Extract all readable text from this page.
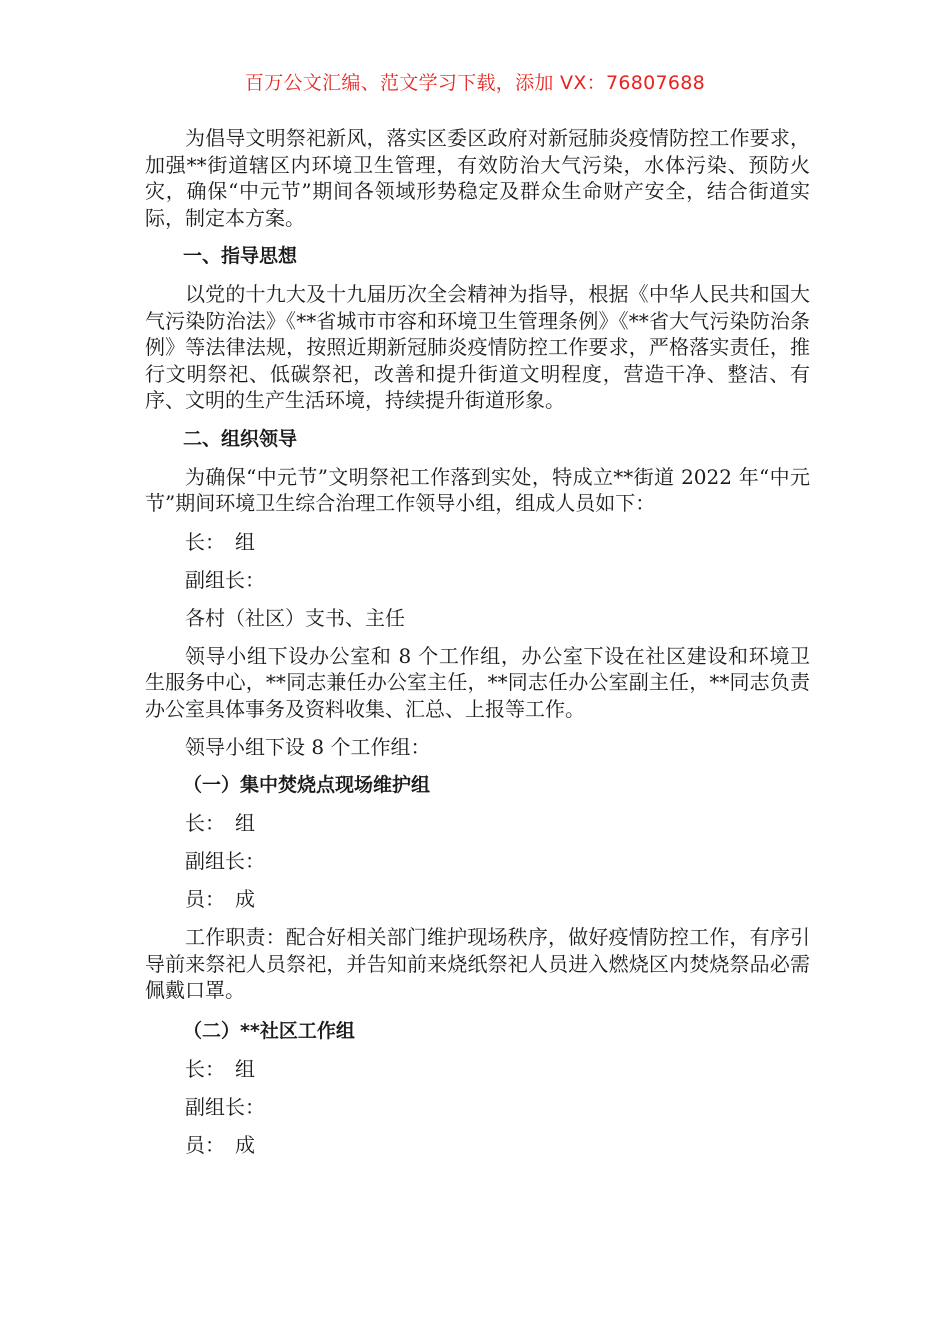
百万公文汇编、范文学习下载，添加 VX：76807688

为倡导文明祭祀新风，落实区委区政府对新冠肺炎疫情防控工作要求，加强**街道辖区内环境卫生管理，有效防治大气污染，水体污染、预防火灾，确保“中元节”期间各领域形势稳定及群众生命财产安全，结合街道实际，制定本方案。

一、指导思想

以党的十九大及十九届历次全会精神为指导，根据《中华人民共和国大气污染防治法》《**省城市市容和环境卫生管理条例》《**省大气污染防治条例》等法律法规，按照近期新冠肺炎疫情防控工作要求，严格落实责任，推行文明祭祀、低碳祭祀，改善和提升街道文明程度，营造干净、整洁、有序、文明的生产生活环境，持续提升街道形象。

二、组织领导

为确保“中元节”文明祭祀工作落到实处，特成立**街道 2022 年“中元节”期间环境卫生综合治理工作领导小组，组成人员如下：

长：　组

副组长：

各村（社区）支书、主任

领导小组下设办公室和 8 个工作组，办公室下设在社区建设和环境卫生服务中心，**同志兼任办公室主任，**同志任办公室副主任，**同志负责办公室具体事务及资料收集、汇总、上报等工作。

领导小组下设 8 个工作组：

（一）集中焚烧点现场维护组

长：　组

副组长：

员：　成

工作职责：配合好相关部门维护现场秩序，做好疫情防控工作，有序引导前来祭祀人员祭祀，并告知前来烧纸祭祀人员进入燃烧区内焚烧祭品必需佩戴口罩。

（二）**社区工作组

长：　组

副组长：

员：　成
